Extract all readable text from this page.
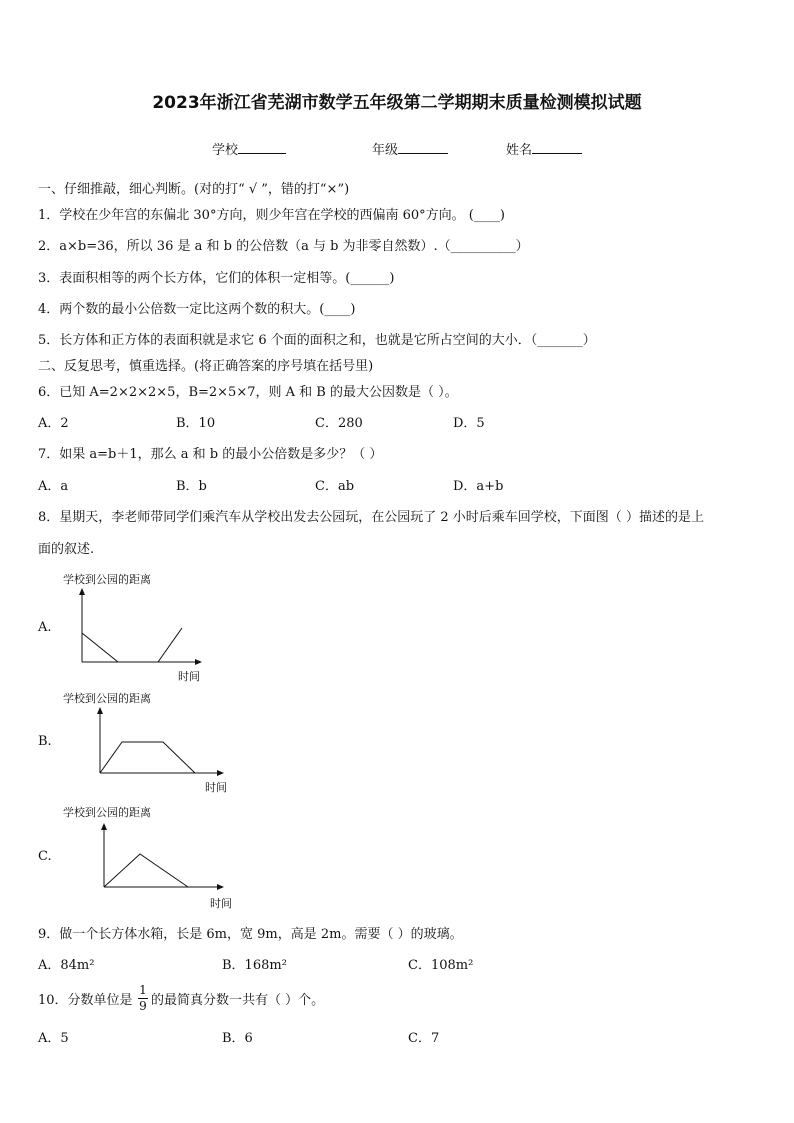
2023年浙江省芜湖市数学五年级第二学期期末质量检测模拟试题
学校	年级	姓名
一、仔细推敲，细心判断。(对的打“ √ ”，错的打“×”)
1．学校在少年宫的东偏北 30°方向，则少年宫在学校的西偏南 60°方向。 (____)
2．a×b=36，所以 36 是 a 和 b 的公倍数（a 与 b 为非零自然数）.（__________）
3．表面积相等的两个长方体，它们的体积一定相等。(______)
4．两个数的最小公倍数一定比这两个数的积大。(____)
5．长方体和正方体的表面积就是求它 6 个面的面积之和，也就是它所占空间的大小．（_______）
二、反复思考，慎重选择。(将正确答案的序号填在括号里)
6．已知 A=2×2×2×5，B=2×5×7，则 A 和 B 的最大公因数是（ ）。
A．2	B．10	C．280	D．5
7．如果 a=b＋1，那么 a 和 b 的最小公倍数是多少？（ ）
A．a	B．b	C．ab	D．a+b
8．星期天，李老师带同学们乘汽车从学校出发去公园玩，在公园玩了 2 小时后乘车回学校，下面图（ ）描述的是上
面的叙述.
A.
学校到公园的距离
时间
B.
学校到公园的距离
时间
C.
学校到公园的距离
时间
9．做一个长方体水箱，长是 6m，宽 9m，高是 2m。需要（ ）的玻璃。
A．84m²	B．168m²	C．108m²
10．分数单位是
1
9 的最简真分数一共有（ ）个。
A．5	B．6	C．7
